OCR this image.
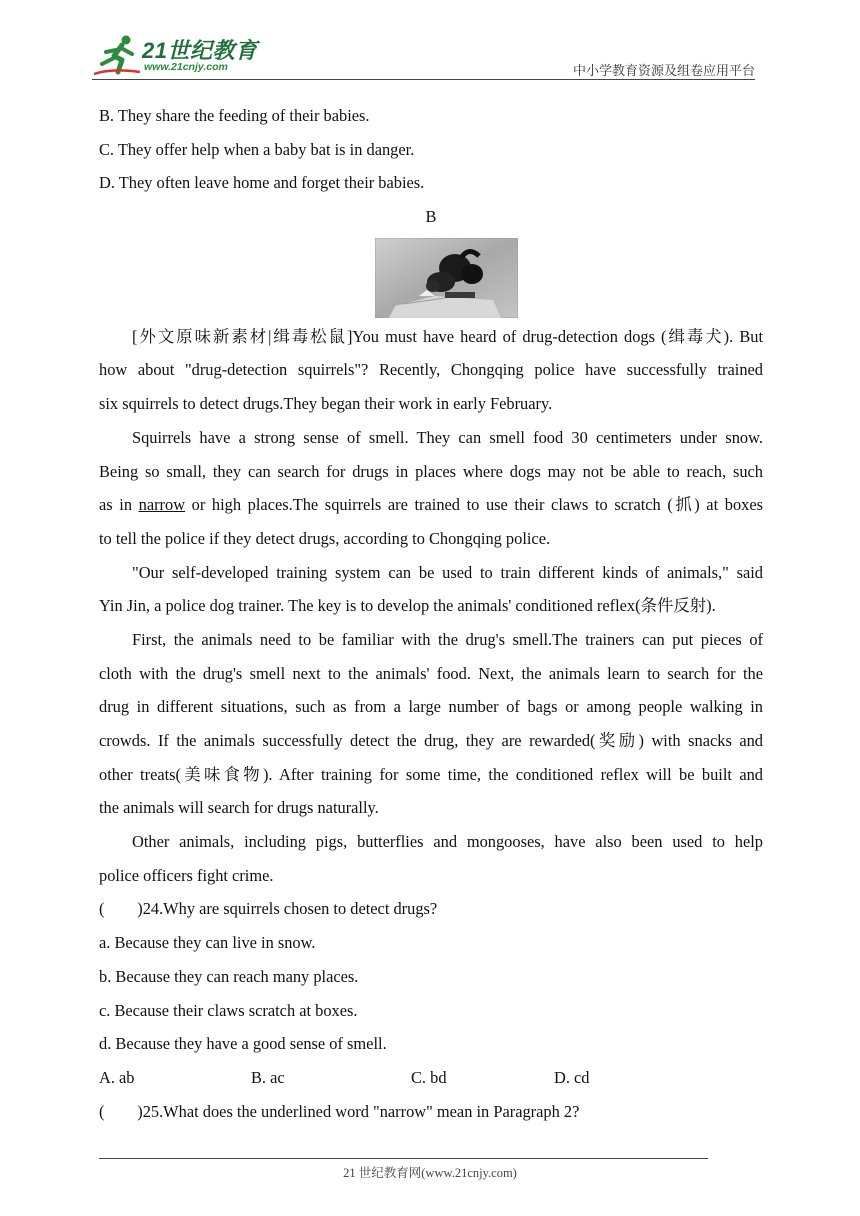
21世纪教育
www.21cnjy.com	中小学教育资源及组卷应用平台
B. They share the feeding of their babies.
C. They offer help when a baby bat is in danger.
D. They often leave home and forget their babies.
B
[外文原味新素材|缉毒松鼠]You must have heard of drug-detection dogs (缉毒犬). But
how about "drug-detection squirrels"? Recently, Chongqing police have successfully trained
six squirrels to detect drugs.They began their work in early February.
Squirrels have a strong sense of smell. They can smell food 30 centimeters under snow.
Being so small, they can search for drugs in places where dogs may not be able to reach, such
as in narrow or high places.The squirrels are trained to use their claws to scratch (抓) at boxes
to tell the police if they detect drugs, according to Chongqing police.
"Our self-developed training system can be used to train different kinds of animals," said
Yin Jin, a police dog trainer. The key is to develop the animals' conditioned reflex(条件反射).
First, the animals need to be familiar with the drug's smell.The trainers can put pieces of
cloth with the drug's smell next to the animals' food. Next, the animals learn to search for the
drug in different situations, such as from a large number of bags or among people walking in
crowds. If the animals successfully detect the drug, they are rewarded(奖励) with snacks and
other treats(美味食物). After training for some time, the conditioned reflex will be built and
the animals will search for drugs naturally.
Other animals, including pigs, butterflies and mongooses, have also been used to help
police officers fight crime.
(        )24.Why are squirrels chosen to detect drugs?
a. Because they can live in snow.
b. Because they can reach many places.
c. Because their claws scratch at boxes.
d. Because they have a good sense of smell.
A. ab	B. ac	C. bd	D. cd
(        )25.What does the underlined word "narrow" mean in Paragraph 2?
21 世纪教育网(www.21cnjy.com)
